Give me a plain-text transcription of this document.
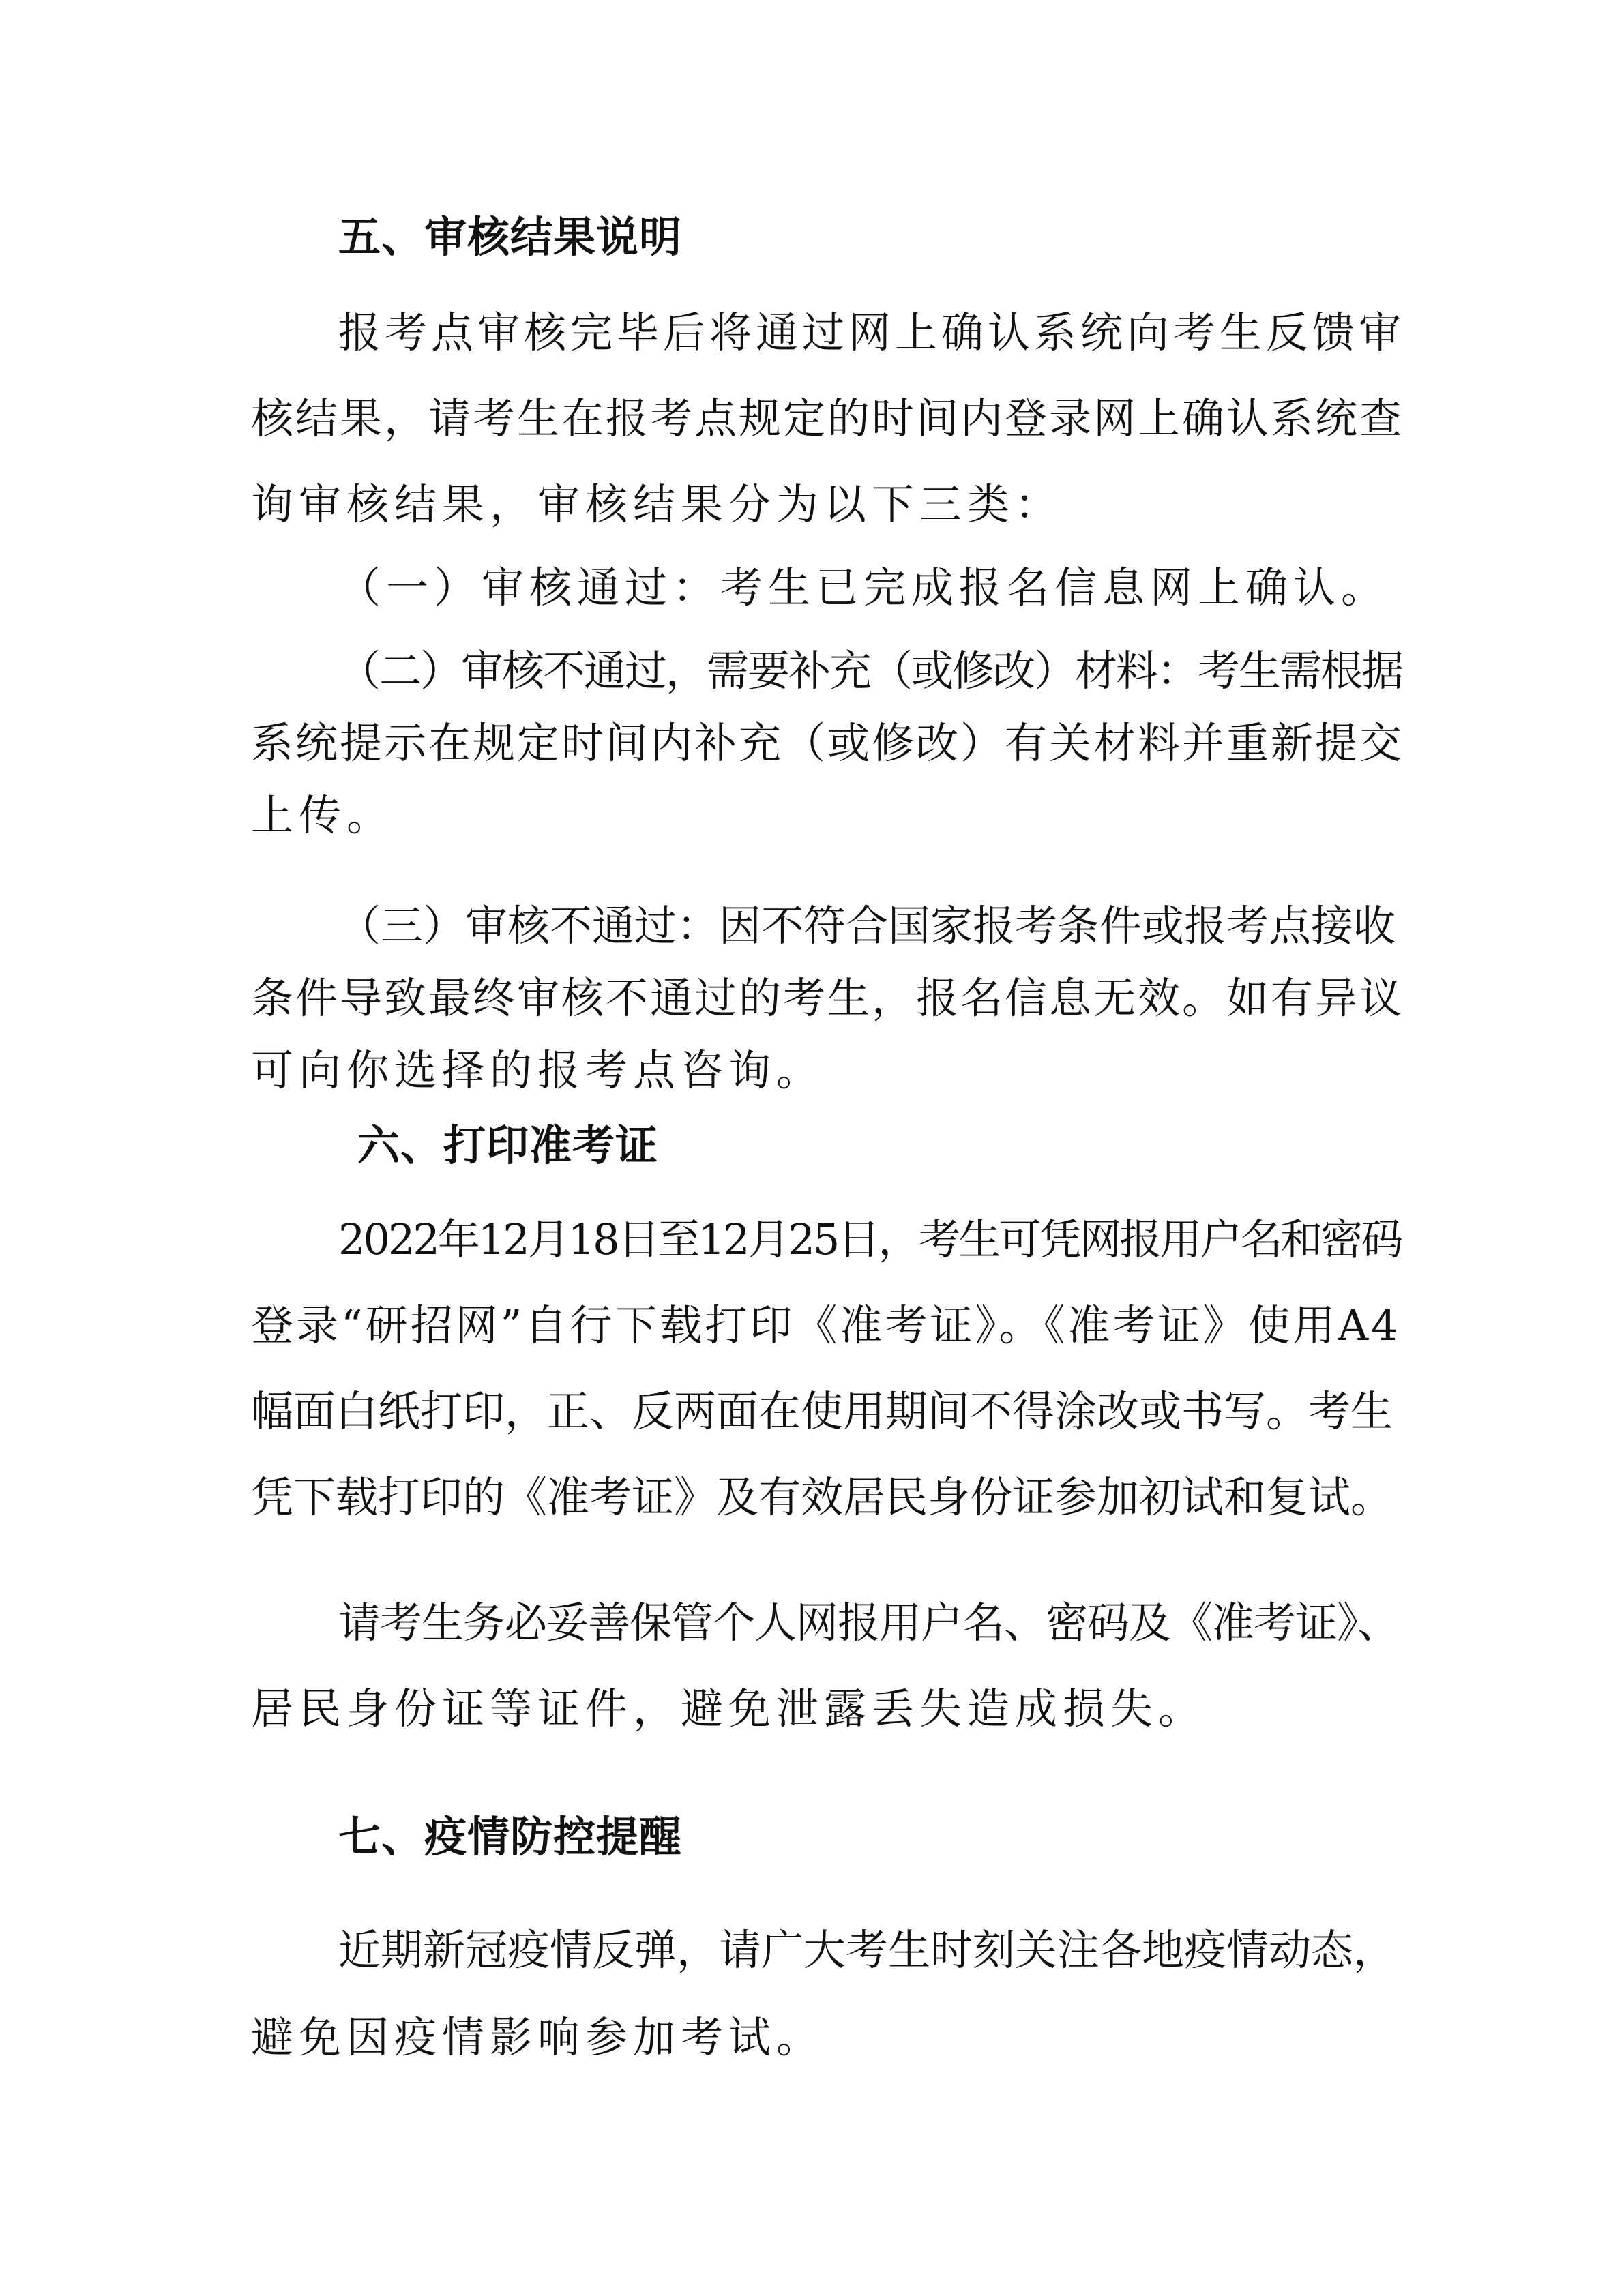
五、审核结果说明
报考点审核完毕后将通过网上确认系统向考生反馈审
核结果，请考生在报考点规定的时间内登录网上确认系统查
询审核结果，审核结果分为以下三类：
（一）审核通过：考生已完成报名信息网上确认。
（二）审核不通过，需要补充（或修改）材料：考生需根据
系统提示在规定时间内补充（或修改）有关材料并重新提交
上传。
（三）审核不通过：因不符合国家报考条件或报考点接收
条件导致最终审核不通过的考生，报名信息无效。如有异议
可向你选择的报考点咨询。
六、打印准考证
2022年12月18日至12月25日，考生可凭网报用户名和密码
登录“研招网”自行下载打印《准考证》。《准考证》使用A4
幅面白纸打印，正、反两面在使用期间不得涂改或书写。考生
凭下载打印的《准考证》及有效居民身份证参加初试和复试。
请考生务必妥善保管个人网报用户名、密码及《准考证》、
居民身份证等证件，避免泄露丢失造成损失。
七、疫情防控提醒
近期新冠疫情反弹，请广大考生时刻关注各地疫情动态，
避免因疫情影响参加考试。
